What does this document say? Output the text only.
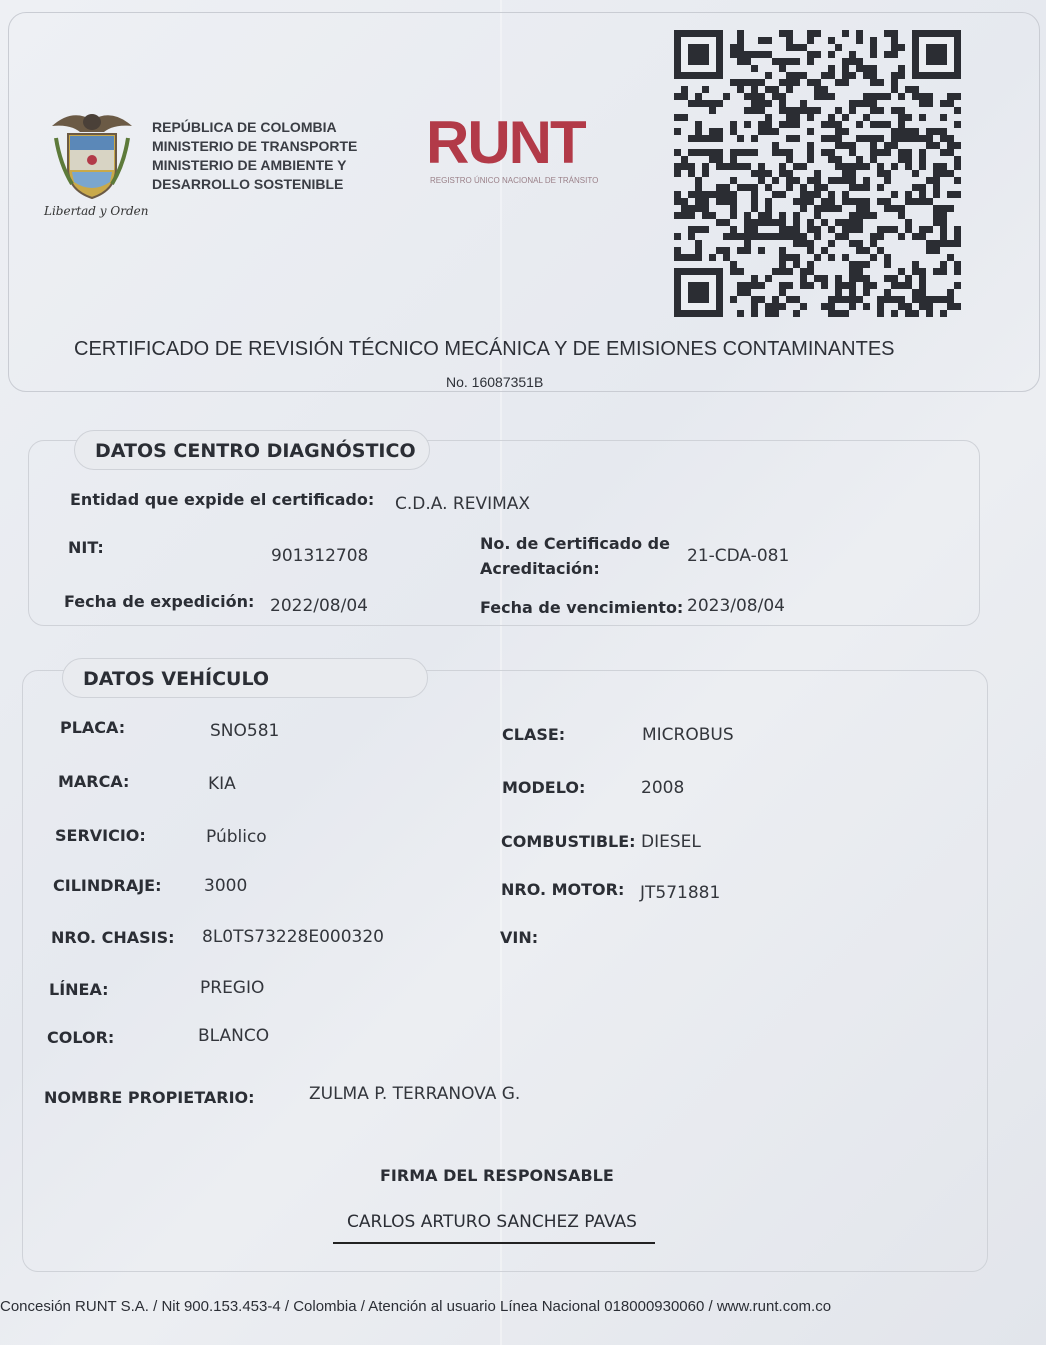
Libertad y Orden
REPÚBLICA DE COLOMBIA
MINISTERIO DE TRANSPORTE
MINISTERIO DE AMBIENTE Y
DESARROLLO SOSTENIBLE
RUNT
REGISTRO ÚNICO NACIONAL DE TRÁNSITO
CERTIFICADO DE REVISIÓN TÉCNICO MECÁNICA Y DE EMISIONES CONTAMINANTES
No. 16087351B
DATOS CENTRO DIAGNÓSTICO
Entidad que expide el certificado: C.D.A. REVIMAX
NIT:	901312708
No. de Certificado de
Acreditación:
21-CDA-081
Fecha de expedición: 2022/08/04	Fecha de vencimiento: 2023/08/04
DATOS VEHÍCULO
PLACA:	SNO581	CLASE:	MICROBUS
MARCA:	KIA	MODELO:	2008
SERVICIO:	Público	COMBUSTIBLE: DIESEL
CILINDRAJE:	3000	NRO. MOTOR: JT571881
NRO. CHASIS: 8L0TS73228E000320	VIN:
LÍNEA:	PREGIO
COLOR:	BLANCO
NOMBRE PROPIETARIO:	ZULMA P. TERRANOVA G.
FIRMA DEL RESPONSABLE
CARLOS ARTURO SANCHEZ PAVAS
Concesión RUNT S.A. / Nit 900.153.453-4 / Colombia / Atención al usuario Línea Nacional 018000930060 / www.runt.com.co
